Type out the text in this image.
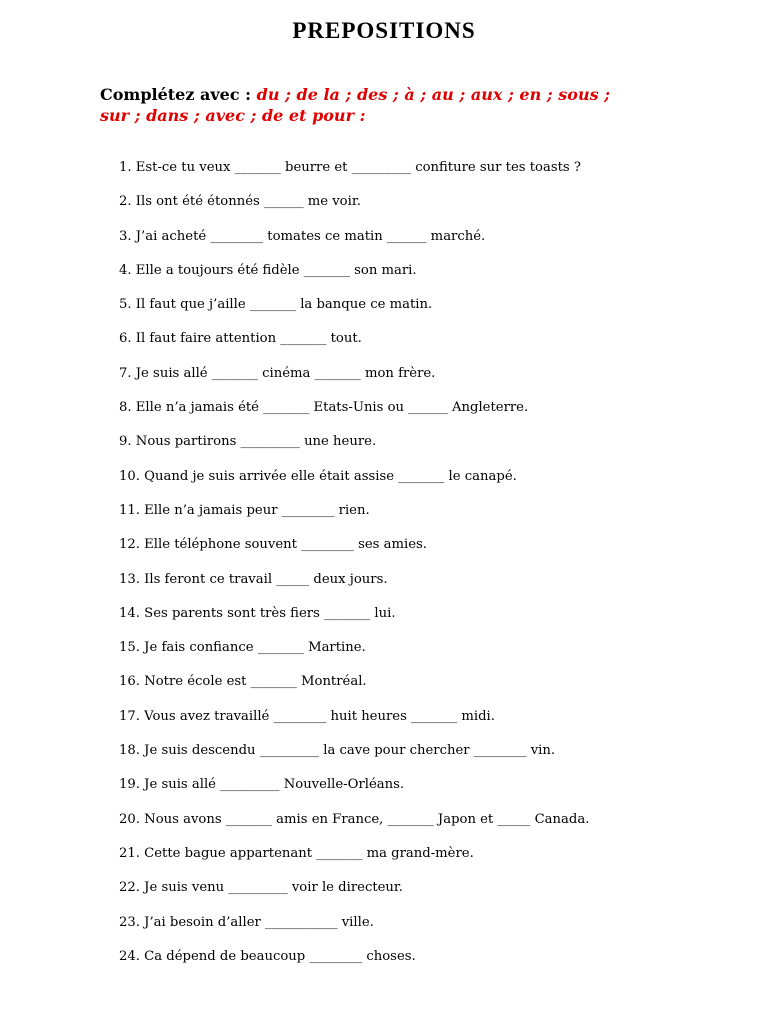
PREPOSITIONS
Complétez avec : du ; de la ; des ; à ; au ; aux ; en ; sous ;
sur ; dans ; avec ; de et pour :
1. Est-ce tu veux _______ beurre et _________ confiture sur tes toasts ?
2. Ils ont été étonnés ______ me voir.
3. J’ai acheté ________ tomates ce matin ______ marché.
4. Elle a toujours été fidèle _______ son mari.
5. Il faut que j’aille _______ la banque ce matin.
6. Il faut faire attention _______ tout.
7. Je suis allé _______ cinéma _______ mon frère.
8. Elle n’a jamais été _______ Etats-Unis ou ______ Angleterre.
9. Nous partirons _________ une heure.
10. Quand je suis arrivée elle était assise _______ le canapé.
11. Elle n’a jamais peur ________ rien.
12. Elle téléphone souvent ________ ses amies.
13. Ils feront ce travail _____ deux jours.
14. Ses parents sont très fiers _______ lui.
15. Je fais confiance _______ Martine.
16. Notre école est _______ Montréal.
17. Vous avez travaillé ________ huit heures _______ midi.
18. Je suis descendu _________ la cave pour chercher ________ vin.
19. Je suis allé _________ Nouvelle-Orléans.
20. Nous avons _______ amis en France, _______ Japon et _____ Canada.
21. Cette bague appartenant _______ ma grand-mère.
22. Je suis venu _________ voir le directeur.
23. J’ai besoin d’aller ___________ ville.
24. Ca dépend de beaucoup ________ choses.
